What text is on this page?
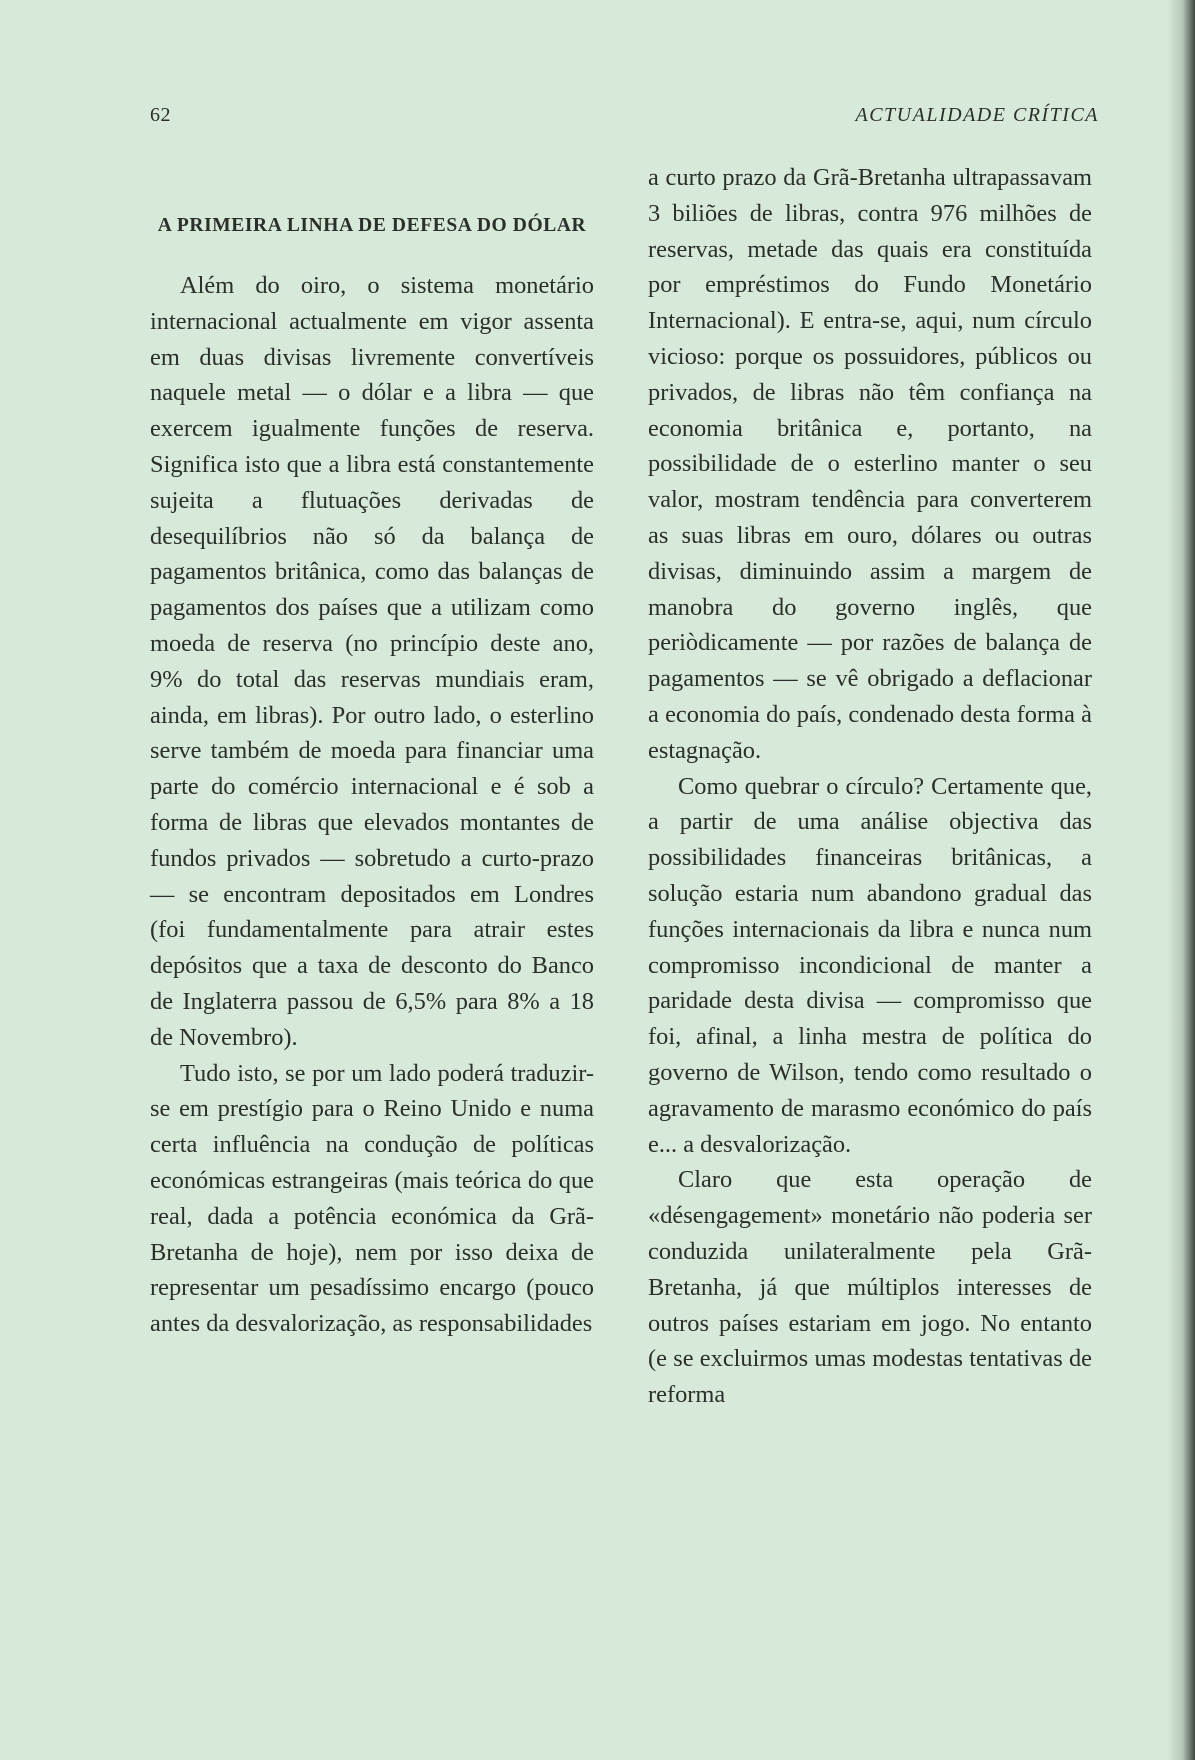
62	ACTUALIDADE CRÍTICA
A PRIMEIRA LINHA DE DEFESA DO DÓLAR

Além do oiro, o sistema monetário internacional actualmente em vigor assenta em duas divisas livremente convertíveis naquele metal — o dólar e a libra — que exercem igualmente funções de reserva. Significa isto que a libra está constantemente sujeita a flutuações derivadas de desequilíbrios não só da balança de pagamentos britânica, como das balanças de pagamentos dos países que a utilizam como moeda de reserva (no princípio deste ano, 9% do total das reservas mundiais eram, ainda, em libras). Por outro lado, o esterlino serve também de moeda para financiar uma parte do comércio internacional e é sob a forma de libras que elevados montantes de fundos privados — sobretudo a curto-prazo — se encontram depositados em Londres (foi fundamentalmente para atrair estes depósitos que a taxa de desconto do Banco de Inglaterra passou de 6,5% para 8% a 18 de Novembro).

Tudo isto, se por um lado poderá traduzir-se em prestígio para o Reino Unido e numa certa influência na condução de políticas económicas estrangeiras (mais teórica do que real, dada a potência económica da Grã-Bretanha de hoje), nem por isso deixa de representar um pesadíssimo encargo (pouco antes da desvalorização, as responsabilidades

a curto prazo da Grã-Bretanha ultrapassavam 3 biliões de libras, contra 976 milhões de reservas, metade das quais era constituída por empréstimos do Fundo Monetário Internacional). E entra-se, aqui, num círculo vicioso: porque os possuidores, públicos ou privados, de libras não têm confiança na economia britânica e, portanto, na possibilidade de o esterlino manter o seu valor, mostram tendência para converterem as suas libras em ouro, dólares ou outras divisas, diminuindo assim a margem de manobra do governo inglês, que periòdicamente — por razões de balança de pagamentos — se vê obrigado a deflacionar a economia do país, condenado desta forma à estagnação.

Como quebrar o círculo? Certamente que, a partir de uma análise objectiva das possibilidades financeiras britânicas, a solução estaria num abandono gradual das funções internacionais da libra e nunca num compromisso incondicional de manter a paridade desta divisa — compromisso que foi, afinal, a linha mestra de política do governo de Wilson, tendo como resultado o agravamento de marasmo económico do país e... a desvalorização.

Claro que esta operação de «désengagement» monetário não poderia ser conduzida unilateralmente pela Grã-Bretanha, já que múltiplos interesses de outros países estariam em jogo. No entanto (e se excluirmos umas modestas tentativas de reforma
